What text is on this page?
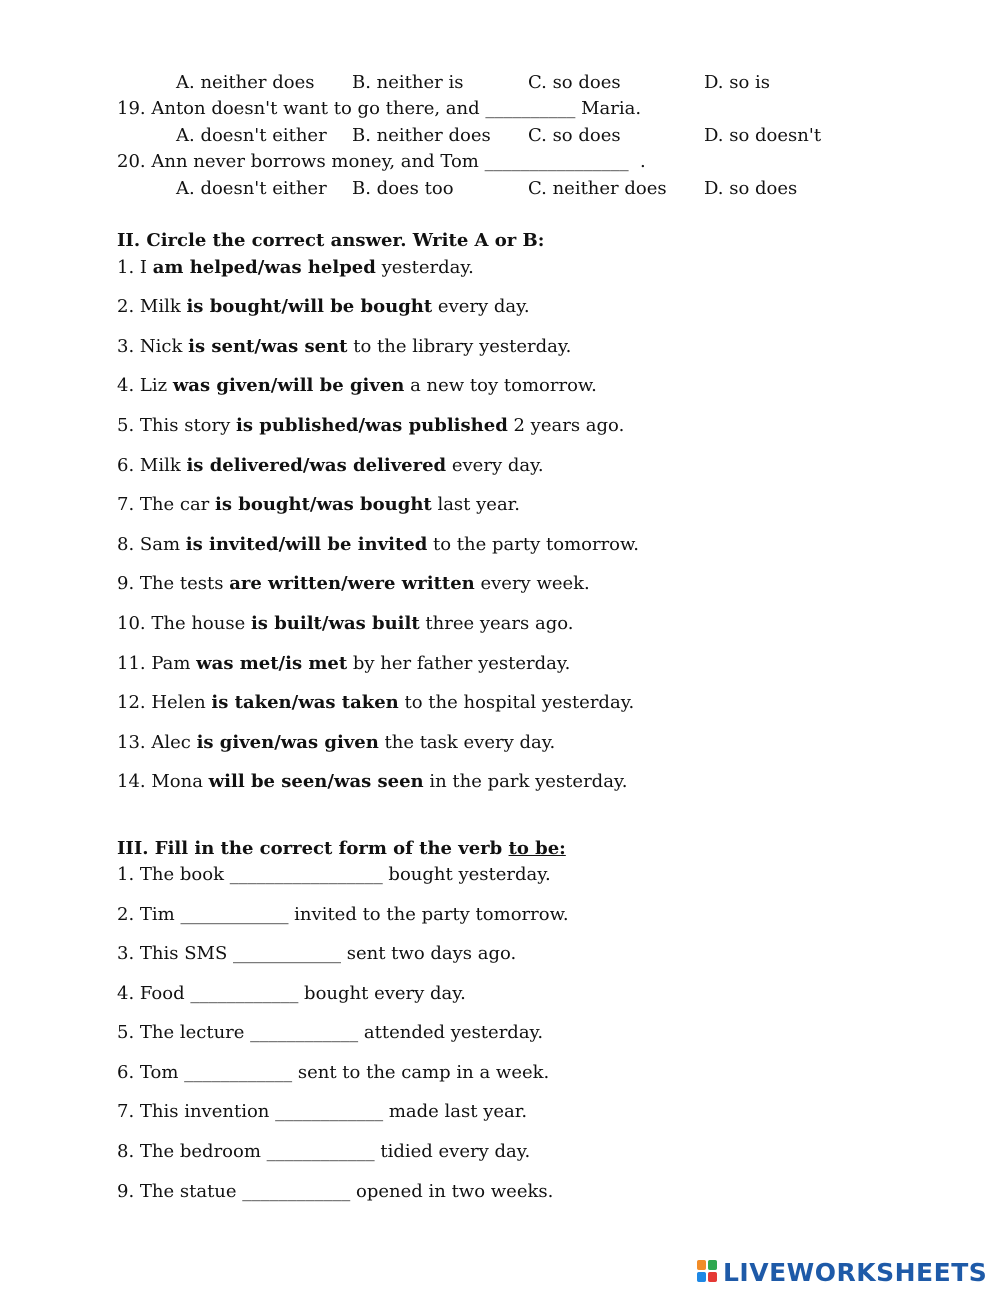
A. neither does B. neither is	C. so does	D. so is
19. Anton doesn't want to go there, and __________ Maria.
A. doesn't either B. neither does C. so does	D. so doesn't
20. Ann never borrows money, and Tom ________________  .
A. doesn't either B. does too	C. neither does D. so does
II. Circle the correct answer. Write A or B:
1. I am helped/was helped yesterday.
2. Milk is bought/will be bought every day.
3. Nick is sent/was sent to the library yesterday.
4. Liz was given/will be given a new toy tomorrow.
5. This story is published/was published 2 years ago.
6. Milk is delivered/was delivered every day.
7. The car is bought/was bought last year.
8. Sam is invited/will be invited to the party tomorrow.
9. The tests are written/were written every week.
10. The house is built/was built three years ago.
11. Pam was met/is met by her father yesterday.
12. Helen is taken/was taken to the hospital yesterday.
13. Alec is given/was given the task every day.
14. Mona will be seen/was seen in the park yesterday.
III. Fill in the correct form of the verb to be:
1. The book _________________ bought yesterday.
2. Tim ____________ invited to the party tomorrow.
3. This SMS ____________ sent two days ago.
4. Food ____________ bought every day.
5. The lecture ____________ attended yesterday.
6. Tom ____________ sent to the camp in a week.
7. This invention ____________ made last year.
8. The bedroom ____________ tidied every day.
9. The statue ____________ opened in two weeks.
LIVEWORKSHEETS
